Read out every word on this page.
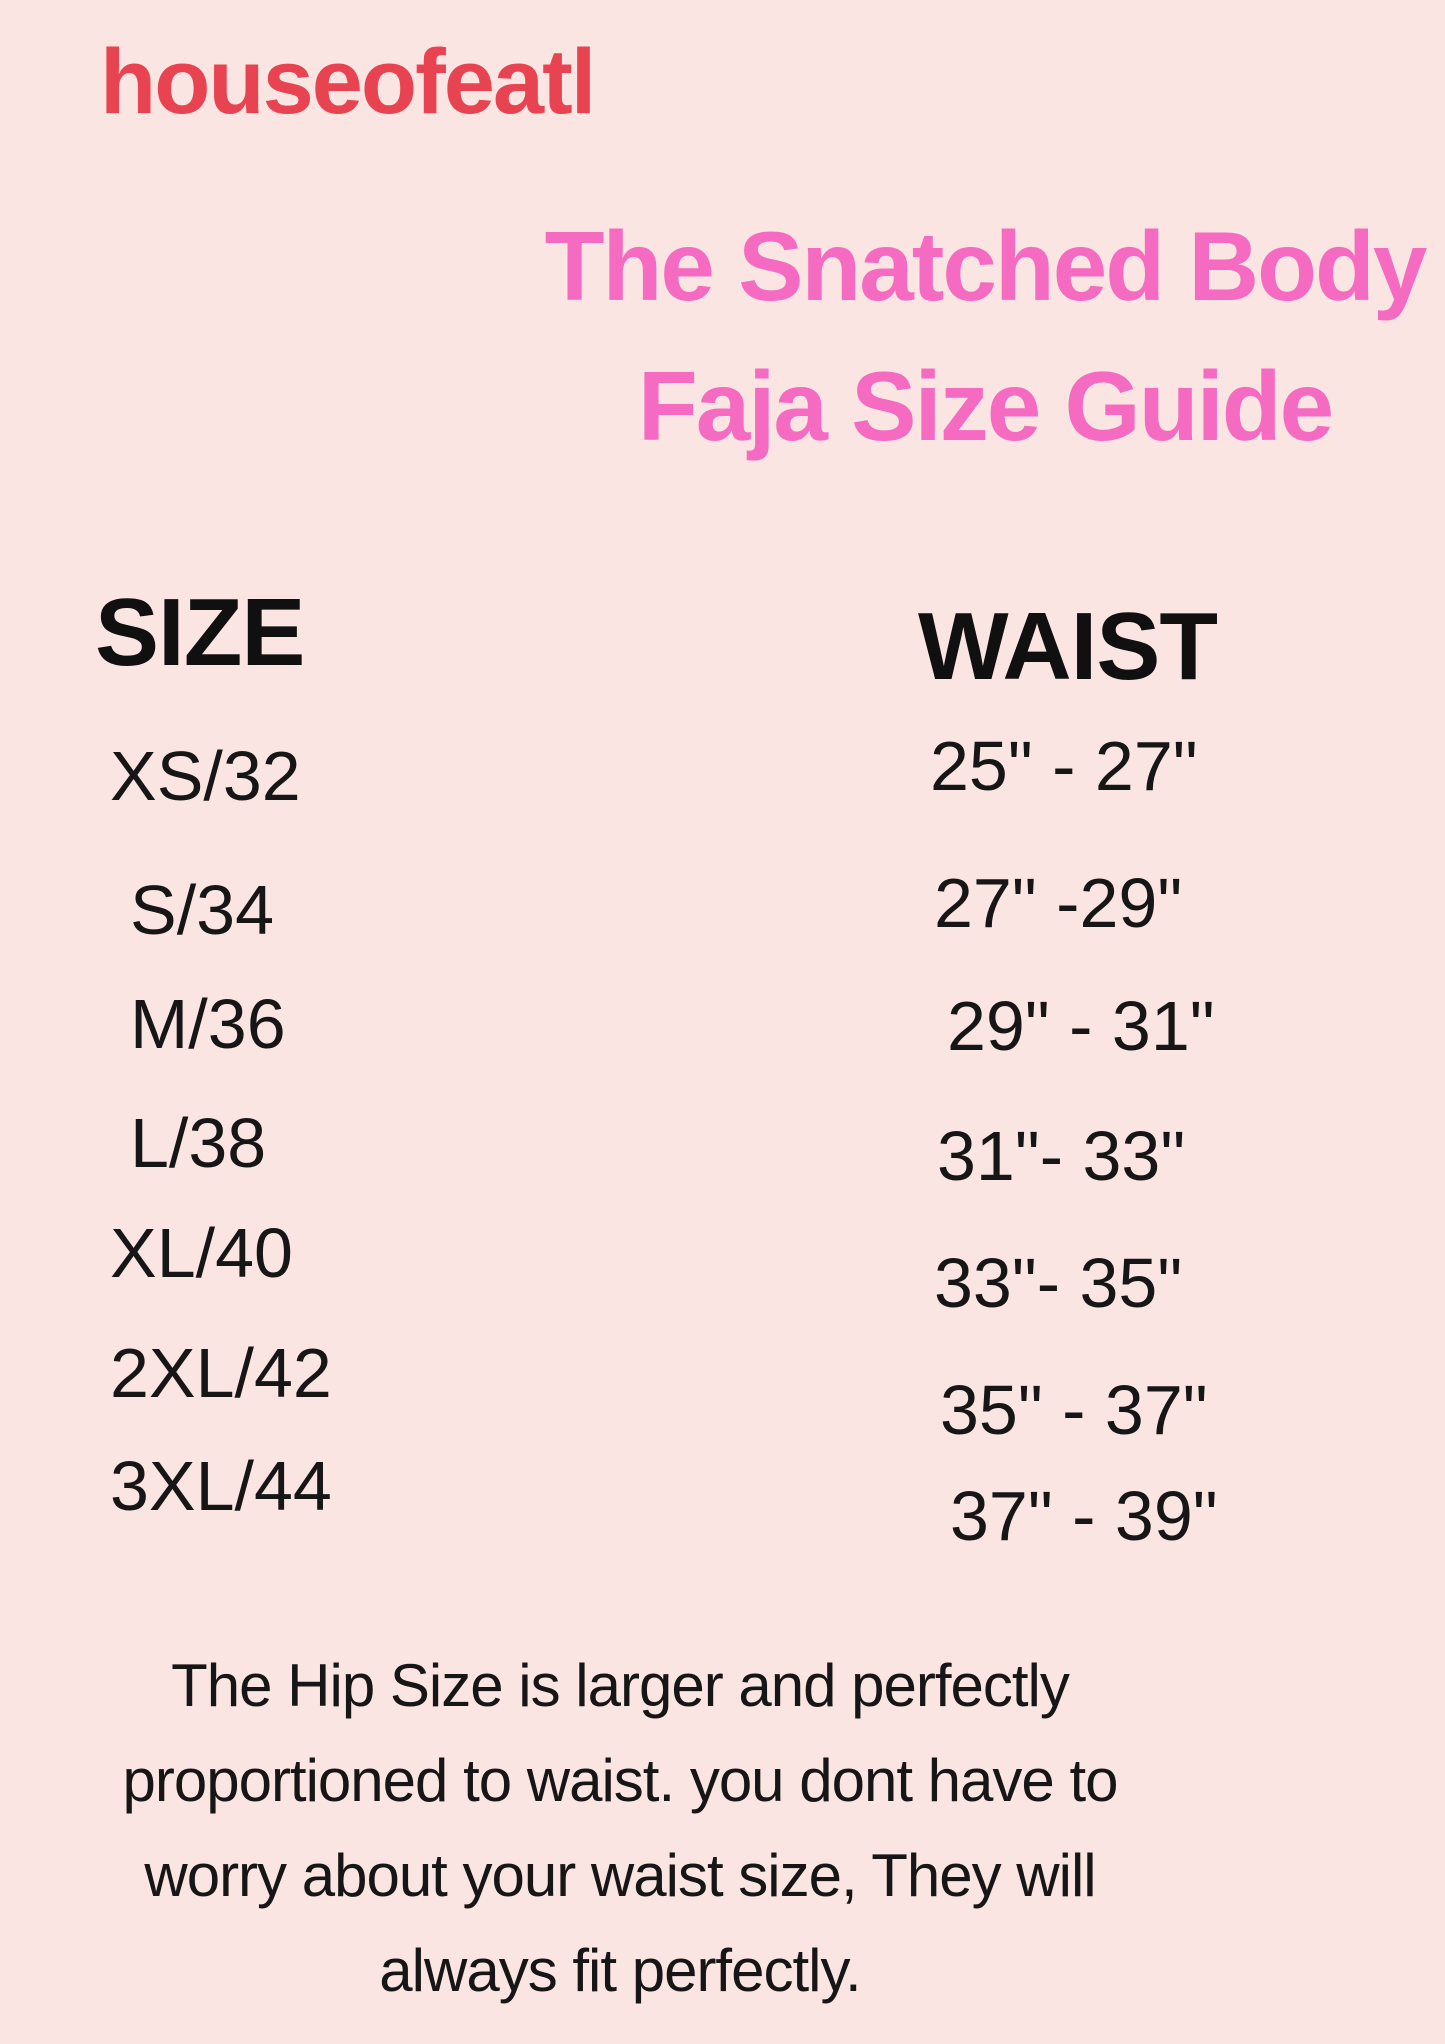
houseofeatl
The Snatched Body
Faja Size Guide
SIZE	WAIST
XS/32
S/34
M/36
L/38
XL/40
2XL/42
3XL/44
25" - 27"
27" -29"
29" - 31"
31"- 33"
33"- 35"
35" - 37"
37" - 39"
The Hip Size is larger and perfectly
proportioned to waist. you dont have to
worry about your waist size, They will
always fit perfectly.
